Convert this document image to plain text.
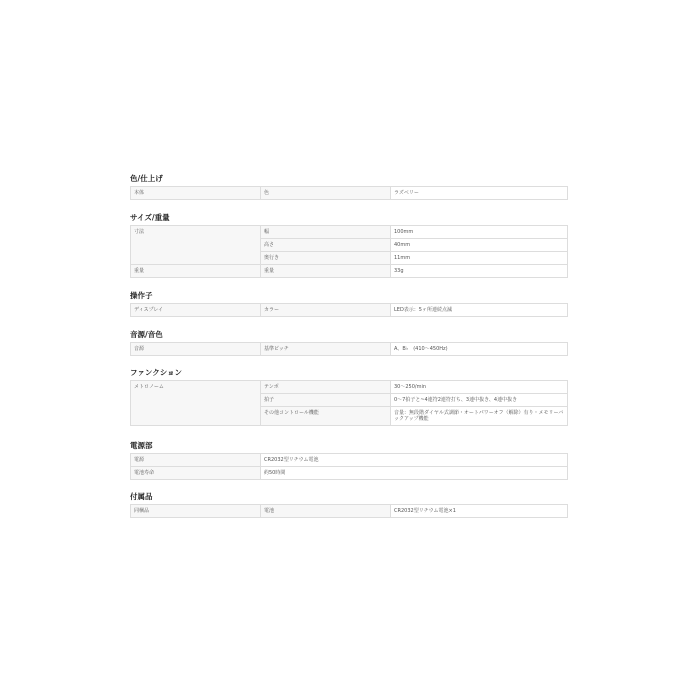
色/仕上げ
本体	色	ラズベリー
サイズ/重量
寸法	幅	100mm
	高さ	40mm
	奥行き	11mm
重量	重量	33g
操作子
ディスプレイ	カラー	LED表示：5ヶ所連続点滅
音源/音色
音源	基準ピッチ	A、B♭　(410～450Hz)
ファンクション
メトロノーム	テンポ	30～250/min
	拍子	0～7拍子と~4連符2連符打ち、3連中抜き、4連中抜き
	その他コントロール機能	音量：無段階ダイヤル式調節・オートパワーオフ（解除）有り・メモリーバックアップ機能
電源部
電源	CR2032型リチウム電池
電池寿命	約50時間
付属品
同梱品	電池	CR2032型リチウム電池×1
